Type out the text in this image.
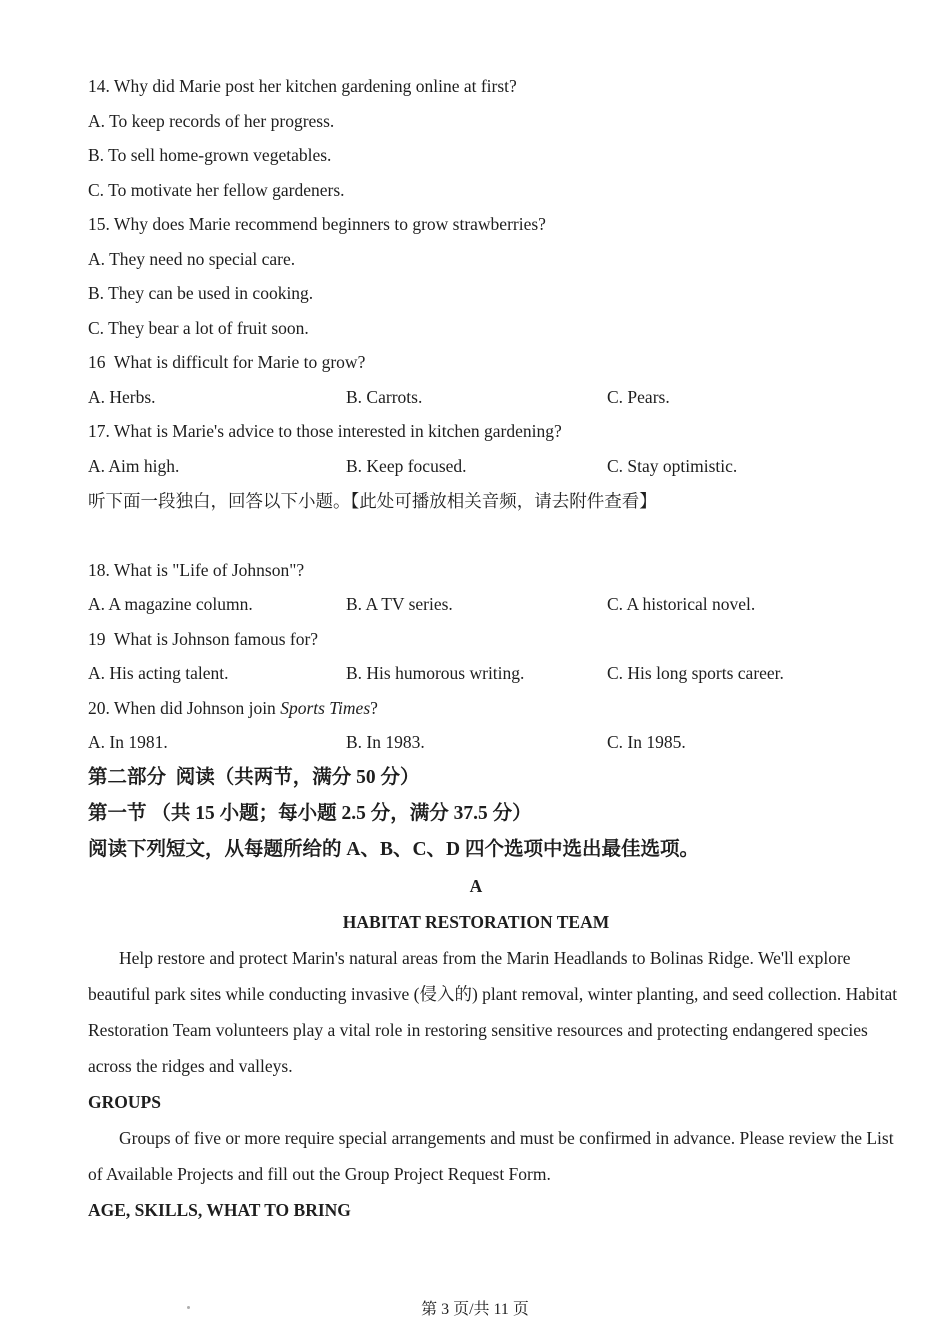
14. Why did Marie post her kitchen gardening online at first?

A. To keep records of her progress.

B. To sell home-grown vegetables.

C. To motivate her fellow gardeners.

15. Why does Marie recommend beginners to grow strawberries?

A. They need no special care.

B. They can be used in cooking.

C. They bear a lot of fruit soon.

16  What is difficult for Marie to grow?

A. Herbs.	B. Carrots.	C. Pears.

17. What is Marie's advice to those interested in kitchen gardening?

A. Aim high.	B. Keep focused.	C. Stay optimistic.

听下面一段独白，回答以下小题。【此处可播放相关音频，请去附件查看】

18. What is "Life of Johnson"?

A. A magazine column.	B. A TV series.	C. A historical novel.

19  What is Johnson famous for?

A. His acting talent.	B. His humorous writing.	C. His long sports career.

20. When did Johnson join Sports Times?

A. In 1981.	B. In 1983.	C. In 1985.

第二部分  阅读（共两节，满分 50 分）

第一节 （共 15 小题；每小题 2.5 分，满分 37.5 分）

阅读下列短文，从每题所给的 A、B、C、D 四个选项中选出最佳选项。

A

HABITAT RESTORATION TEAM

Help restore and protect Marin's natural areas from the Marin Headlands to Bolinas Ridge. We'll explore

beautiful park sites while conducting invasive (侵入的) plant removal, winter planting, and seed collection. Habitat

Restoration Team volunteers play a vital role in restoring sensitive resources and protecting endangered species

across the ridges and valleys.

GROUPS

Groups of five or more require special arrangements and must be confirmed in advance. Please review the List

of Available Projects and fill out the Group Project Request Form.

AGE, SKILLS, WHAT TO BRING

第 3 页/共 11 页
